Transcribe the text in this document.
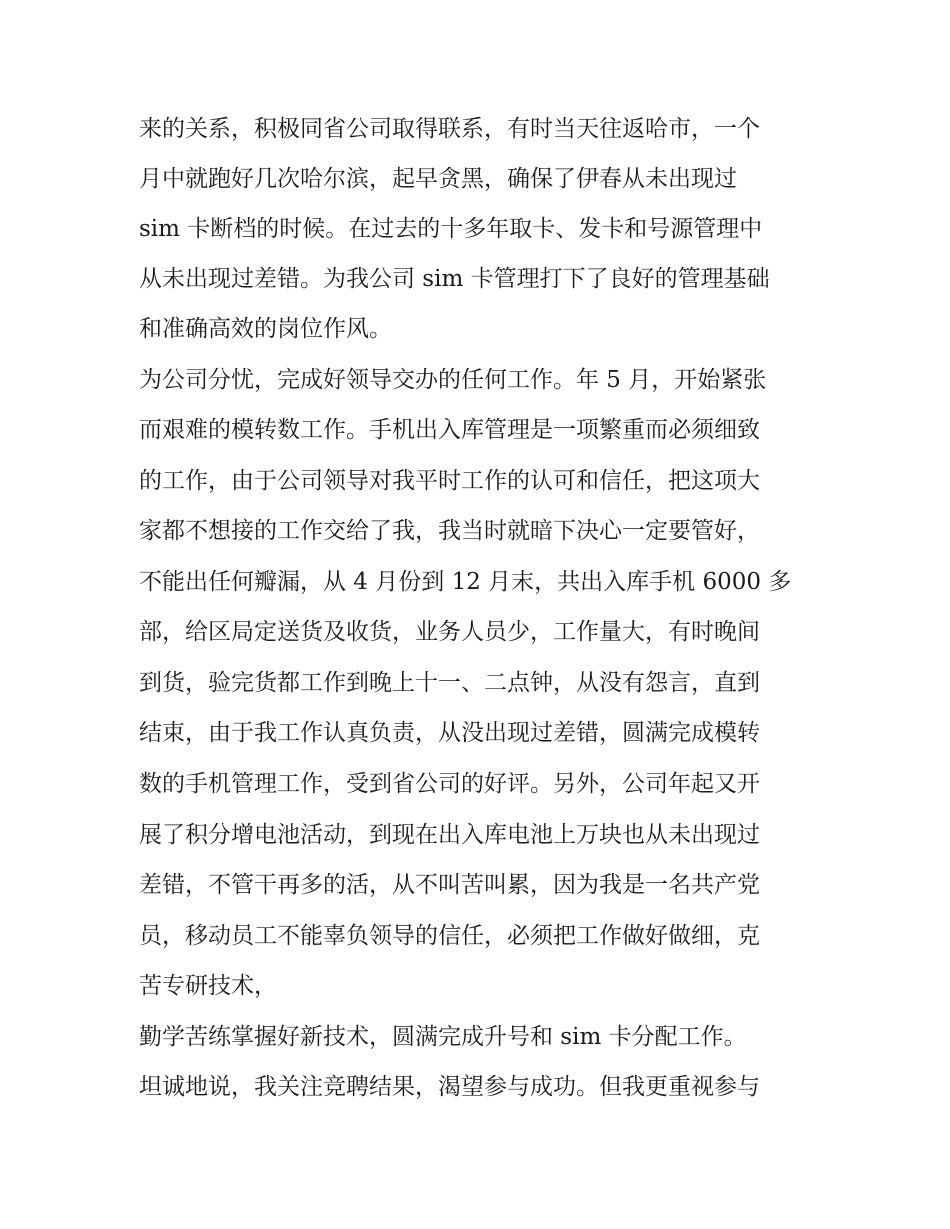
来的关系，积极同省公司取得联系，有时当天往返哈市，一个
月中就跑好几次哈尔滨，起早贪黑，确保了伊春从未出现过
sim 卡断档的时候。在过去的十多年取卡、发卡和号源管理中
从未出现过差错。为我公司 sim 卡管理打下了良好的管理基础
和准确高效的岗位作风。
为公司分忧，完成好领导交办的任何工作。年 5 月，开始紧张
而艰难的模转数工作。手机出入库管理是一项繁重而必须细致
的工作，由于公司领导对我平时工作的认可和信任，把这项大
家都不想接的工作交给了我，我当时就暗下决心一定要管好，
不能出任何瓣漏，从 4 月份到 12 月末，共出入库手机 6000 多
部，给区局定送货及收货，业务人员少，工作量大，有时晚间
到货，验完货都工作到晚上十一、二点钟，从没有怨言，直到
结束，由于我工作认真负责，从没出现过差错，圆满完成模转
数的手机管理工作，受到省公司的好评。另外，公司年起又开
展了积分增电池活动，到现在出入库电池上万块也从未出现过
差错，不管干再多的活，从不叫苦叫累，因为我是一名共产党
员，移动员工不能辜负领导的信任，必须把工作做好做细，克
苦专研技术，
勤学苦练掌握好新技术，圆满完成升号和 sim 卡分配工作。
坦诚地说，我关注竞聘结果，渴望参与成功。但我更重视参与
